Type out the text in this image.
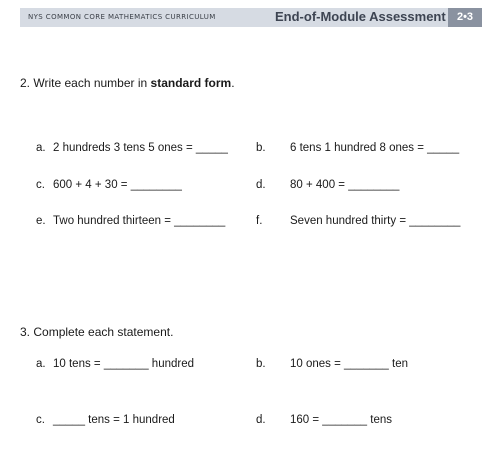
NYS COMMON CORE MATHEMATICS CURRICULUM	End-of-Module Assessment	2•3
2. Write each number in standard form.
a. 2 hundreds 3 tens 5 ones = _____ b. 6 tens 1 hundred 8 ones = _____
c. 600 + 4 + 30 = ________	d. 80 + 400 = ________
e. Two hundred thirteen = ________	f. Seven hundred thirty = ________
3. Complete each statement.
a. 10 tens = _______ hundred	b. 10 ones = _______ ten
c. _____ tens = 1 hundred	d. 160 = _______ tens
